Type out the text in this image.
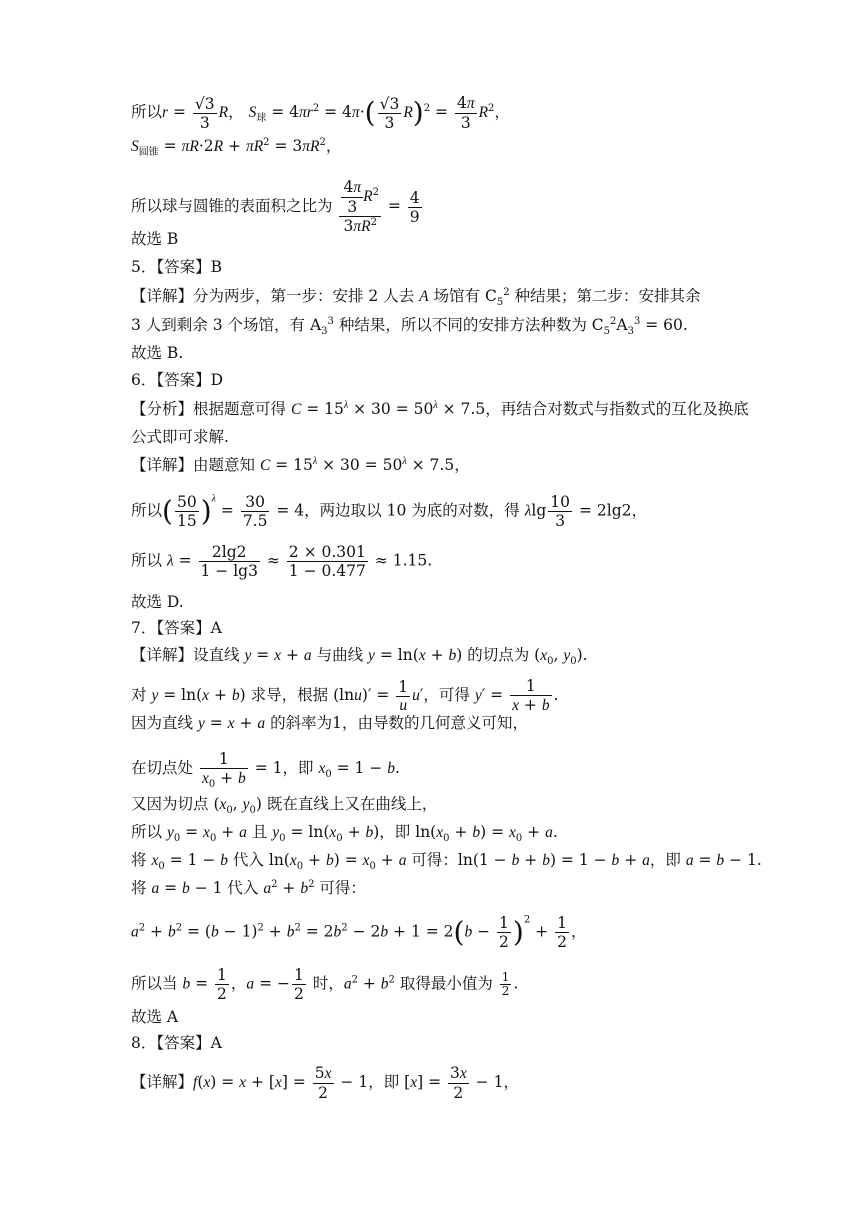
所以$r = \frac{√3}{3}$ R， $S_球 = 4\pi r^2 = 4\pi\cdot( \frac{√3}{3} R)^2 = \frac{4\pi}{3} R^2$，
$S_{圆锥} = \pi R\cdot 2R + \pi R^2 = 3\pi R^2$，
所以球与圆锥的表面积之比为 $\frac{\frac{4\pi}{3} R^2}{3\pi R^2} = \frac{4}{9}$
故选 B
5．【答案】B
【详解】分为两步，第一步：安排 2 人去 A 场馆有 $C_5^2$ 种结果；第二步：安排其余
3 人到剩余 3 个场馆，有 $A_3^3$ 种结果，所以不同的安排方法种数为 $C_5^2A_3^3 = 60$.
故选 B.
6．【答案】D
【分析】根据题意可得 $C = 15^\lambda \times 30 = 50^\lambda \times 7.5$，再结合对数式与指数式的互化及换底
公式即可求解.
【详解】由题意知 $C = 15^\lambda \times 30 = 50^\lambda \times 7.5$，
所以( $\frac{50}{15} )^\lambda = \frac{30}{7.5} = 4$，两边取以 10 为底的对数，得 λlg $\frac{10}{3} = 2\lg 2$，
所以 $\lambda = \frac{2\lg 2}{1 - \lg 3} \approx \frac{2 \times 0.301}{1 - 0.477} \approx 1.15$.
故选 D.
7．【答案】A
【详解】设直线 y = x + a 与曲线 y = ln(x + b) 的切点为 ($x_0$, $y_0$).
对 y = ln(x + b) 求导，根据 $(\ln u)' = \frac{1}{u} u'$，可得 $y' = \frac{1}{x + b}$ .
因为直线 y = x + a 的斜率为1，由导数的几何意义可知，
在切点处 $\frac{1}{x_0 + b} = 1$，即 $x_0 = 1 - b$.
又因为切点 ($x_0$, $y_0$) 既在直线上又在曲线上，
所以 $y_0 = x_0 + a$ 且 $y_0 = \ln(x_0 + b)$，即 $\ln(x_0 + b) = x_0 + a$.
将 $x_0 = 1 - b$ 代入 $\ln(x_0 + b) = x_0 + a$ 可得：ln(1 − b + b) = 1 − b + a，即 a = b − 1.
将 a = b − 1 代入 $a^2 + b^2$ 可得：
$a^2 + b^2 = (b - 1)^2 + b^2 = 2b^2 - 2b + 1 = 2(b - \frac{1}{2} )^2 + \frac{1}{2}$ ，
所以当 $b = \frac{1}{2}$ ，a = − $\frac{1}{2}$ 时，$a^2 + b^2$ 取得最小值为 $\frac{1}{2}$ .
故选 A
8．【答案】A
【详解】$f(x) = x + [x] = \frac{5x}{2} - 1$，即 $[x] = \frac{3x}{2} - 1$，
